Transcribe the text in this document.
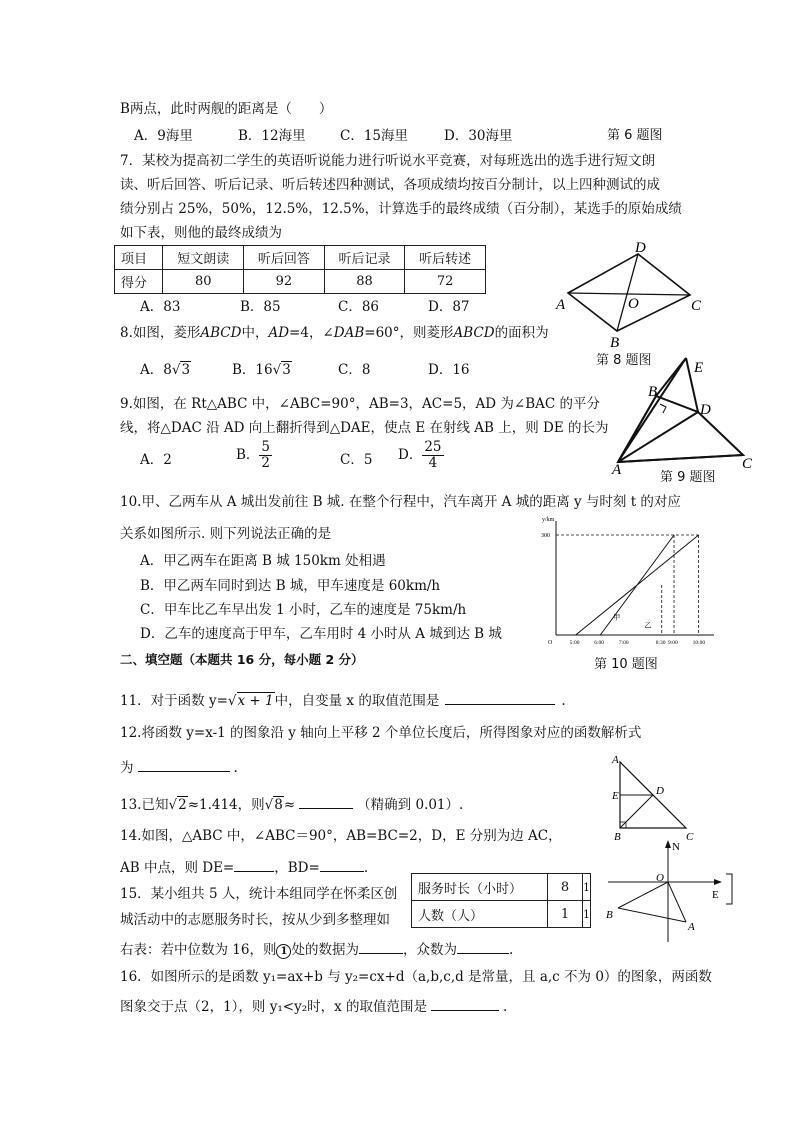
B两点，此时两舰的距离是（　　）
A．9海里	B．12海里	C．15海里	D．30海里	第 6 题图
7．某校为提高初二学生的英语听说能力进行听说水平竞赛，对每班选出的选手进行短文朗
读、听后回答、听后记录、听后转述四种测试，各项成绩均按百分制计，以上四种测试的成
绩分别占 25%，50%，12.5%，12.5%，计算选手的最终成绩（百分制），某选手的原始成绩
如下表，则他的最终成绩为
项目	短文朗读	听后回答	听后记录	听后转述
得分	80	92	88	72
A．83	B．85	C．86	D．87
D
A	O	C
B
8.如图，菱形ABCD中，AD=4，∠DAB=60°，则菱形ABCD的面积为
A．8√3	B．16√3	C．8	D．16
第 8 题图	E
B
D
A	C
9.如图，在 Rt△ABC 中，∠ABC=90°，AB=3，AC=5，AD 为∠BAC 的平分
线，将△DAC 沿 AD 向上翻折得到△DAE，使点 E 在射线 AB 上，则 DE 的长为
A．2	B． $\frac{5}{2}$	C．5 D． $\frac{25}{4}$
第 9 题图
10.甲、乙两车从 A 城出发前往 B 城. 在整个行程中，汽车离开 A 城的距离 y 与时刻 t 的对应
关系如图所示. 则下列说法正确的是
A．甲乙两车在距离 B 城 150km 处相遇
B．甲乙两车同时到达 B 城，甲车速度是 60km/h
C．甲车比乙车早出发 1 小时，乙车的速度是 75km/h
D．乙车的速度高于甲车，乙车用时 4 小时从 A 城到达 B 城
y/km
300
O	5:00	6:00	7:00	8:30 9:00	10:00
甲
乙
第 10 题图
二、填空题（本题共 16 分，每小题 2 分）
11．对于函数 y=√x + 1中，自变量 x 的取值范围是	.
A
E	D
B	C
12.将函数 y=x-1 的图象沿 y 轴向上平移 2 个单位长度后，所得图象对应的函数解析式
为	.
13.已知√2≈1.414，则√8≈	（精确到 0.01）.
14.如图，△ABC 中，∠ABC＝90°，AB=BC=2，D，E 分别为边 AC，
AB 中点，则 DE=	，BD=	.
15．某小组共 5 人，统计本组同学在怀柔区创
城活动中的志愿服务时长，按从少到多整理如
右表：若中位数为 16，则 1 处的数据为	，众数为	.
服务时长（小时）	8	1
人数（人）	1	1
N
O
E
B
A
16．如图所示的是函数 y₁=ax+b 与 y₂=cx+d（a,b,c,d 是常量，且 a,c 不为 0）的图象，两函数
图象交于点（2，1），则 y₁<y₂时，x 的取值范围是	.
